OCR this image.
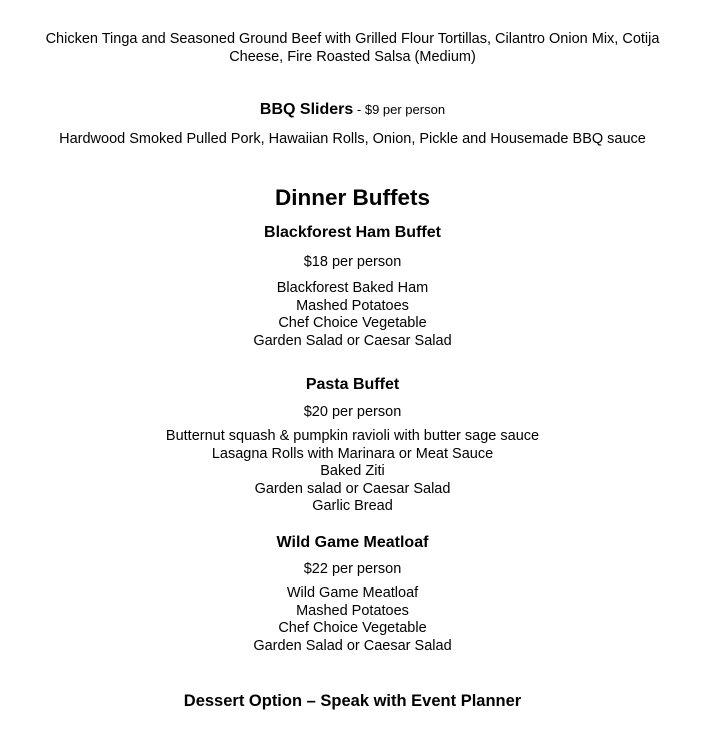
Chicken Tinga and Seasoned Ground Beef with Grilled Flour Tortillas, Cilantro Onion Mix, Cotija
Cheese, Fire Roasted Salsa (Medium)
BBQ Sliders - $9 per person
Hardwood Smoked Pulled Pork, Hawaiian Rolls, Onion, Pickle and Housemade BBQ sauce
Dinner Buffets
Blackforest Ham Buffet
$18 per person
Blackforest Baked Ham
Mashed Potatoes
Chef Choice Vegetable
Garden Salad or Caesar Salad
Pasta Buffet
$20 per person
Butternut squash & pumpkin ravioli with butter sage sauce
Lasagna Rolls with Marinara or Meat Sauce
Baked Ziti
Garden salad or Caesar Salad
Garlic Bread
Wild Game Meatloaf
$22 per person
Wild Game Meatloaf
Mashed Potatoes
Chef Choice Vegetable
Garden Salad or Caesar Salad
Dessert Option – Speak with Event Planner
